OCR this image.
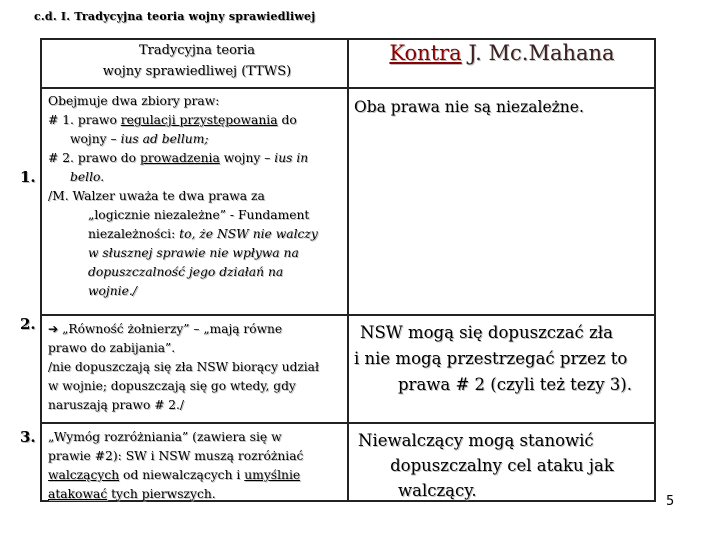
c.d. I. Tradycyjna teoria wojny sprawiedliwej
Tradycyjna teoria
wojny sprawiedliwej (TTWS)
Kontra J. Mc.Mahana
1.
2.
3.
Obejmuje dwa zbiory praw:
# 1. prawo regulacji przystępowania do
wojny – ius ad bellum;
# 2. prawo do prowadzenia wojny – ius in
bello.
/M. Walzer uważa te dwa prawa za
„logicznie niezależne” - Fundament
niezależności: to, że NSW nie walczy
w słusznej sprawie nie wpływa na
dopuszczalność jego działań na
wojnie./
Oba prawa nie są niezależne.
➔ „Równość żołnierzy” – „mają równe
prawo do zabijania”.
/nie dopuszczają się zła NSW biorący udział
w wojnie; dopuszczają się go wtedy, gdy
naruszają prawo # 2./
NSW mogą się dopuszczać zła
i nie mogą przestrzegać przez to
prawa # 2 (czyli też tezy 3).
„Wymóg rozróżniania” (zawiera się w
prawie #2): SW i NSW muszą rozróżniać
walczących od niewalczących i umyślnie
atakować tych pierwszych.
Niewalczący mogą stanowić
dopuszczalny cel ataku jak
walczący.
5
